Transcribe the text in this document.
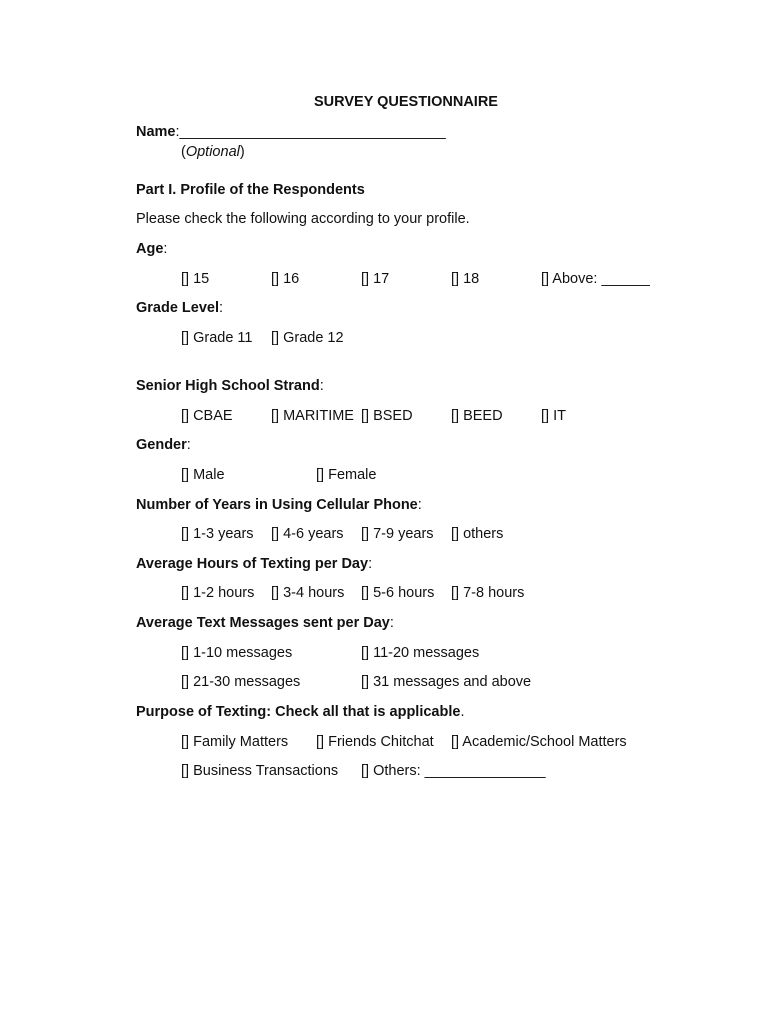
SURVEY QUESTIONNAIRE
Name:_________________________________
(Optional)
Part I. Profile of the Respondents
Please check the following according to your profile.
Age:
[] 15	[] 16	[] 17	[] 18	[] Above: ______
Grade Level:
[] Grade 11 [] Grade 12
Senior High School Strand:
[] CBAE	[] MARITIME [] BSED	[] BEED	[] IT
Gender:
[] Male	[] Female
Number of Years in Using Cellular Phone:
[] 1-3 years [] 4-6 years [] 7-9 years [] others
Average Hours of Texting per Day:
[] 1-2 hours [] 3-4 hours [] 5-6 hours [] 7-8 hours
Average Text Messages sent per Day:
[] 1-10 messages	[] 11-20 messages
[] 21-30 messages	[] 31 messages and above
Purpose of Texting: Check all that is applicable.
[] Family Matters [] Friends Chitchat [] Academic/School Matters
[] Business Transactions [] Others: _______________
